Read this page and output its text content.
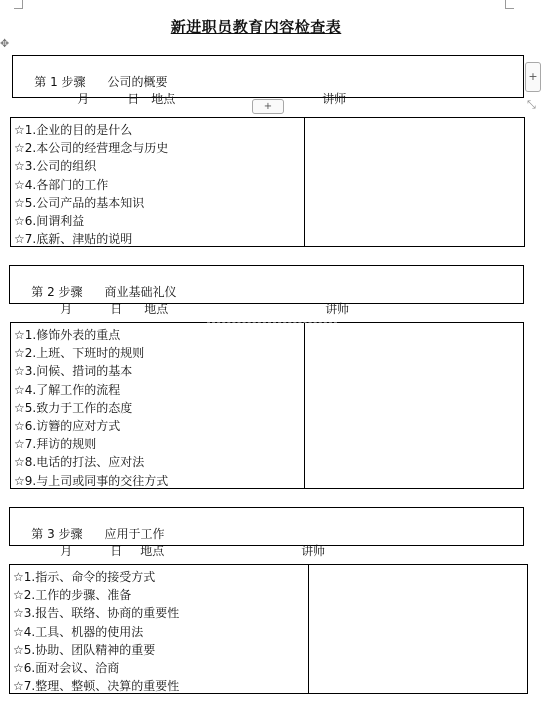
新进职员教育内容检查表
✥
+
⤡
+

第 1 步骤 公司的概要

月	日 地点
	讲师

☆1.企业的目的是什么
☆2.本公司的经营理念与历史
☆3.公司的组织
☆4.各部门的工作
☆5.公司产品的基本知识
☆6.间谓利益
☆7.底新、津贴的说明

第 2 步骤 商业基础礼仪

月	日 地点
	讲师

☆1.修饰外表的重点
☆2.上班、下班时的规则
☆3.问候、措词的基本
☆4.了解工作的流程
☆5.致力于工作的态度
☆6.访簪的应对方式
☆7.拜访的规则
☆8.电话的打法、应对法
☆9.与上司或同事的交往方式

第 3 步骤 应用于工作

月	日 地点
	讲师

☆1.指示、命令的接受方式
☆2.工作的步骤、准备
☆3.报告、联络、协商的重要性
☆4.工具、机器的使用法
☆5.协助、团队精神的重要
☆6.面对会议、洽商
☆7.整理、整顿、决算的重要性
